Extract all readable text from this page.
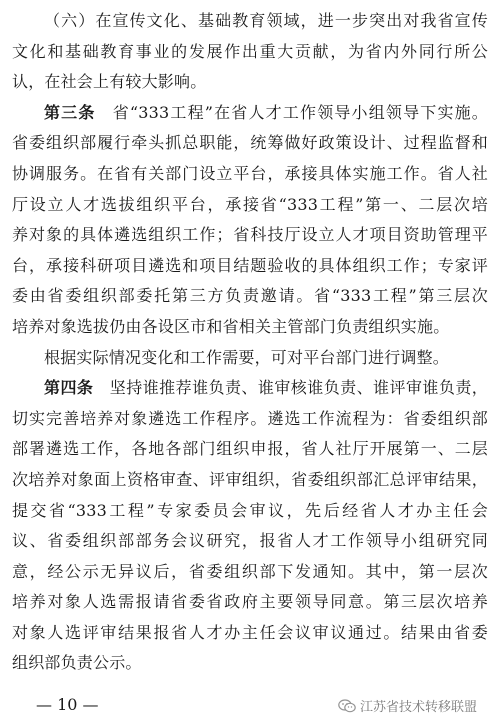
（六）在宣传文化、基础教育领域，进一步突出对我省宣传
文化和基础教育事业的发展作出重大贡献，为省内外同行所公
认，在社会上有较大影响。
第三条　省“333工程”在省人才工作领导小组领导下实施。
省委组织部履行牵头抓总职能，统筹做好政策设计、过程监督和
协调服务。在省有关部门设立平台，承接具体实施工作。省人社
厅设立人才选拔组织平台，承接省“333工程”第一、二层次培
养对象的具体遴选组织工作；省科技厅设立人才项目资助管理平
台，承接科研项目遴选和项目结题验收的具体组织工作；专家评
委由省委组织部委托第三方负责邀请。省“333工程”第三层次
培养对象选拔仍由各设区市和省相关主管部门负责组织实施。
根据实际情况变化和工作需要，可对平台部门进行调整。
第四条　坚持谁推荐谁负责、谁审核谁负责、谁评审谁负责，
切实完善培养对象遴选工作程序。遴选工作流程为：省委组织部
部署遴选工作，各地各部门组织申报，省人社厅开展第一、二层
次培养对象面上资格审查、评审组织，省委组织部汇总评审结果，
提交省“333工程”专家委员会审议，先后经省人才办主任会
议、省委组织部部务会议研究，报省人才工作领导小组研究同
意，经公示无异议后，省委组织部下发通知。其中，第一层次
培养对象人选需报请省委省政府主要领导同意。第三层次培养
对象人选评审结果报省人才办主任会议审议通过。结果由省委
组织部负责公示。
— 10 —	江苏省技术转移联盟
